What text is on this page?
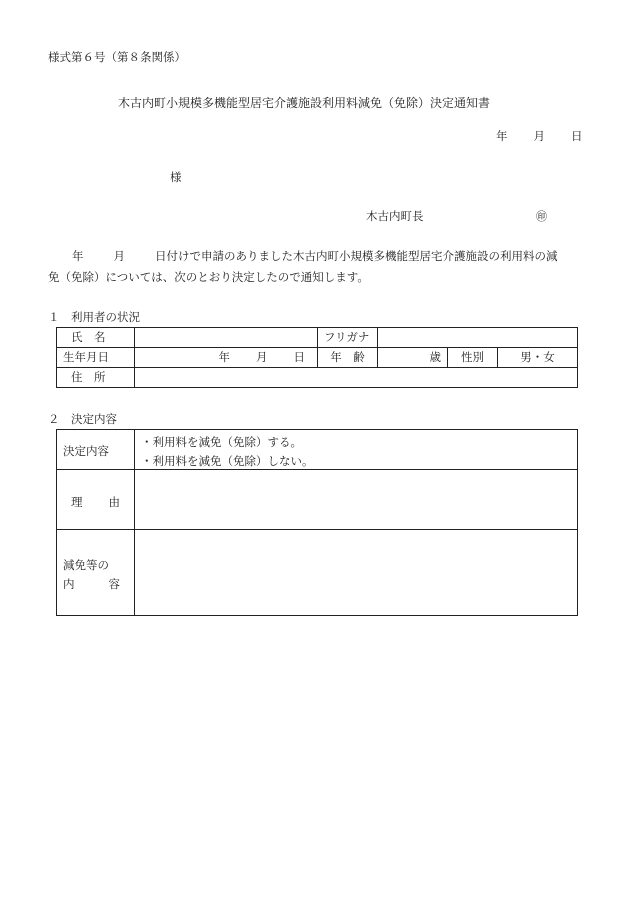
様式第６号（第８条関係）
木古内町小規模多機能型居宅介護施設利用料減免（免除）決定通知書
年 月 日
様
木古内町長	㊞
年	月	日付けで申請のありました木古内町小規模多機能型居宅介護施設の利用料の減
免（免除）については、次のとおり決定したので通知します。
１　利用者の状況
氏　名		フリガナ			
生年月日	年 月 日	年　齢	歳	性別	男・女

住　所					

２　決定内容
決定内容	・利用料を減免（免除）する。
・利用料を減免（免除）しない。

理 由	

減免等の
内 容	
